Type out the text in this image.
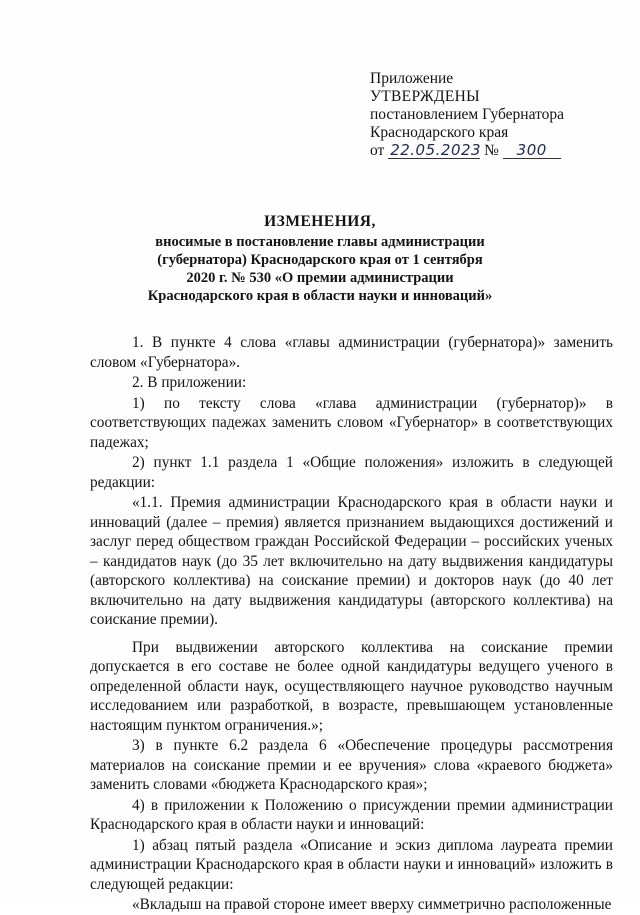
Приложение

УТВЕРЖДЕНЫ

постановлением Губернатора

Краснодарского края

от 22.05.2023 № 300

ИЗМЕНЕНИЯ,

вносимые в постановление главы администрации

(губернатора) Краснодарского края от 1 сентября

2020 г. № 530 «О премии администрации

Краснодарского края в области науки и инноваций»

1. В пункте 4 слова «главы администрации (губернатора)» заменить словом «Губернатора».

2. В приложении:

1) по тексту слова «глава администрации (губернатор)» в соответствующих падежах заменить словом «Губернатор» в соответствующих падежах;

2) пункт 1.1 раздела 1 «Общие положения» изложить в следующей редакции:

«1.1. Премия администрации Краснодарского края в области науки и инноваций (далее – премия) является признанием выдающихся достижений и заслуг перед обществом граждан Российской Федерации – российских ученых – кандидатов наук (до 35 лет включительно на дату выдвижения кандидатуры (авторского коллектива) на соискание премии) и докторов наук (до 40 лет включительно на дату выдвижения кандидатуры (авторского коллектива) на соискание премии).

При выдвижении авторского коллектива на соискание премии допускается в его составе не более одной кандидатуры ведущего ученого в определенной области наук, осуществляющего научное руководство научным исследованием или разработкой, в возрасте, превышающем установленные настоящим пунктом ограничения.»;

3) в пункте 6.2 раздела 6 «Обеспечение процедуры рассмотрения материалов на соискание премии и ее вручения» слова «краевого бюджета» заменить словами «бюджета Краснодарского края»;

4) в приложении к Положению о присуждении премии администрации Краснодарского края в области науки и инноваций:

1) абзац пятый раздела «Описание и эскиз диплома лауреата премии администрации Краснодарского края в области науки и инноваций» изложить в следующей редакции:

«Вкладыш на правой стороне имеет вверху симметрично расположенные
